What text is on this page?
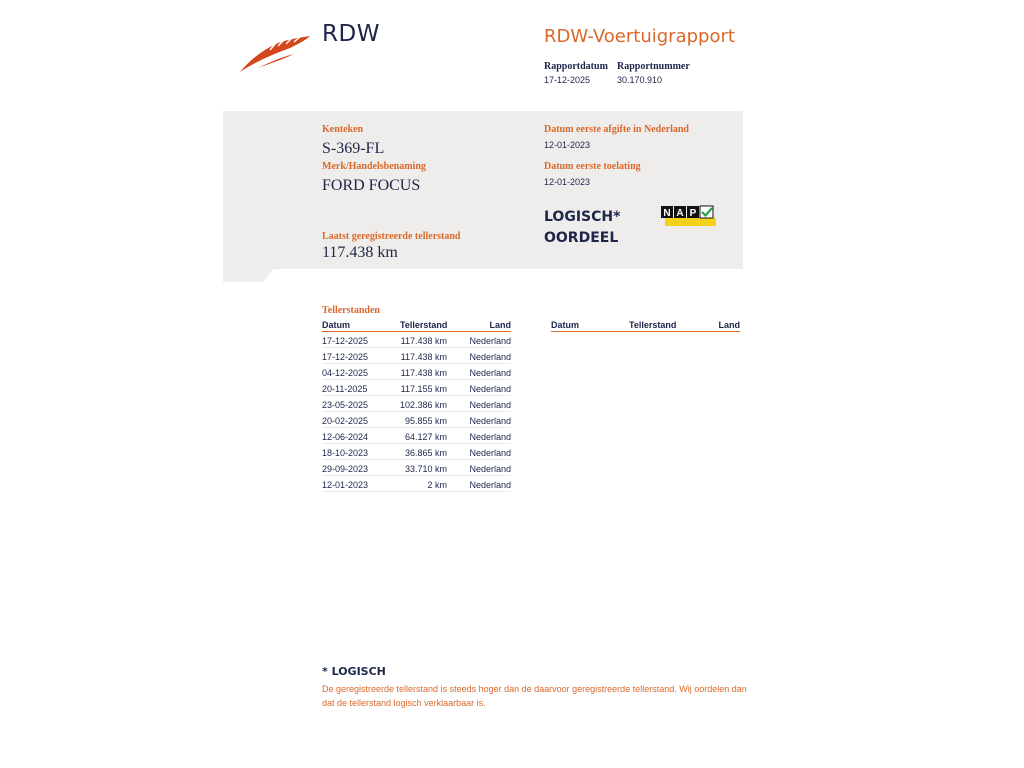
RDW	RDW-Voertuigrapport
Rapportdatum
17-12-2025
Rapportnummer
30.170.910
Kenteken
S-369-FL
Merk/Handelsbenaming
FORD FOCUS
Laatst geregistreerde tellerstand
117.438 km
Datum eerste afgifte in Nederland
12-01-2023
Datum eerste toelating
12-01-2023
LOGISCH*
OORDEEL
N A P
Tellerstanden
Datum	Tellerstand	Land
17-12-2025	117.438 km Nederland
17-12-2025	117.438 km Nederland
04-12-2025	117.438 km Nederland
20-11-2025	117.155 km Nederland
23-05-2025	102.386 km Nederland
20-02-2025	95.855 km Nederland
12-06-2024	64.127 km Nederland
18-10-2023	36.865 km Nederland
29-09-2023	33.710 km Nederland
12-01-2023	2 km Nederland
Datum	Tellerstand	Land
* LOGISCH
De geregistreerde tellerstand is steeds hoger dan de daarvoor geregistreerde tellerstand. Wij oordelen dan dat de tellerstand logisch verklaarbaar is.
